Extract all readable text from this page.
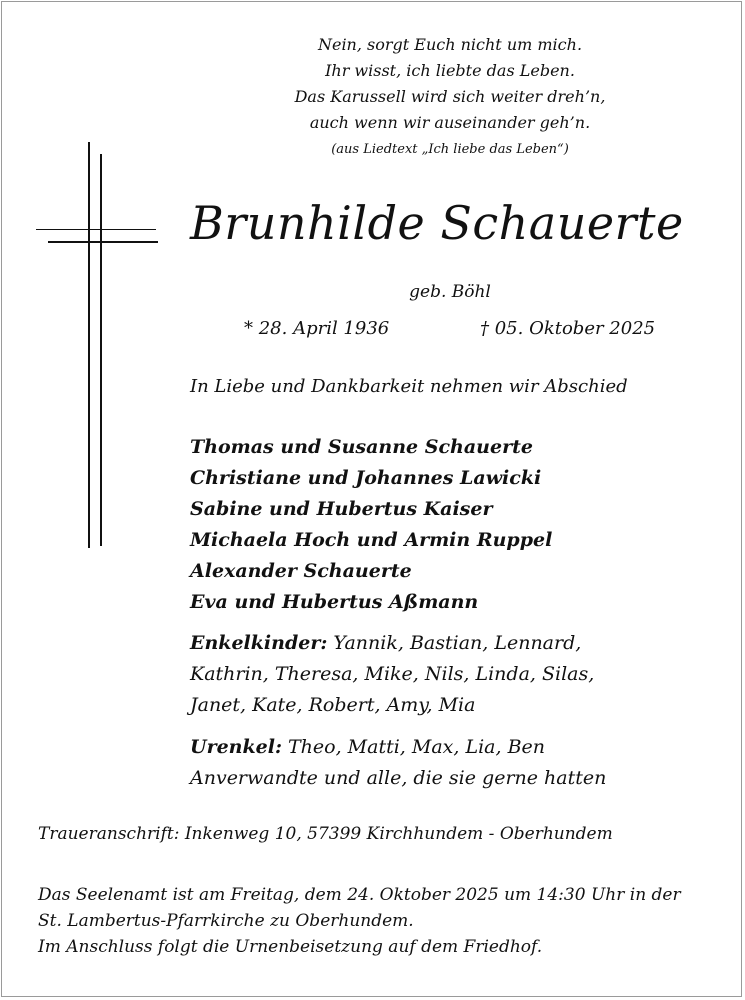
Nein, sorgt Euch nicht um mich.
Ihr wisst, ich liebte das Leben.
Das Karussell wird sich weiter dreh’n,
auch wenn wir auseinander geh’n.
(aus Liedtext „Ich liebe das Leben“)
Brunhilde Schauerte
geb. Böhl
* 28. April 1936	† 05. Oktober 2025
In Liebe und Dankbarkeit nehmen wir Abschied
Thomas und Susanne Schauerte
Christiane und Johannes Lawicki
Sabine und Hubertus Kaiser
Michaela Hoch und Armin Ruppel
Alexander Schauerte
Eva und Hubertus Aßmann
Enkelkinder: Yannik, Bastian, Lennard,
Kathrin, Theresa, Mike, Nils, Linda, Silas,
Janet, Kate, Robert, Amy, Mia
Urenkel: Theo, Matti, Max, Lia, Ben
Anverwandte und alle, die sie gerne hatten
Traueranschrift: Inkenweg 10, 57399 Kirchhundem - Oberhundem
Das Seelenamt ist am Freitag, dem 24. Oktober 2025 um 14:30 Uhr in der
St. Lambertus-Pfarrkirche zu Oberhundem.
Im Anschluss folgt die Urnenbeisetzung auf dem Friedhof.
